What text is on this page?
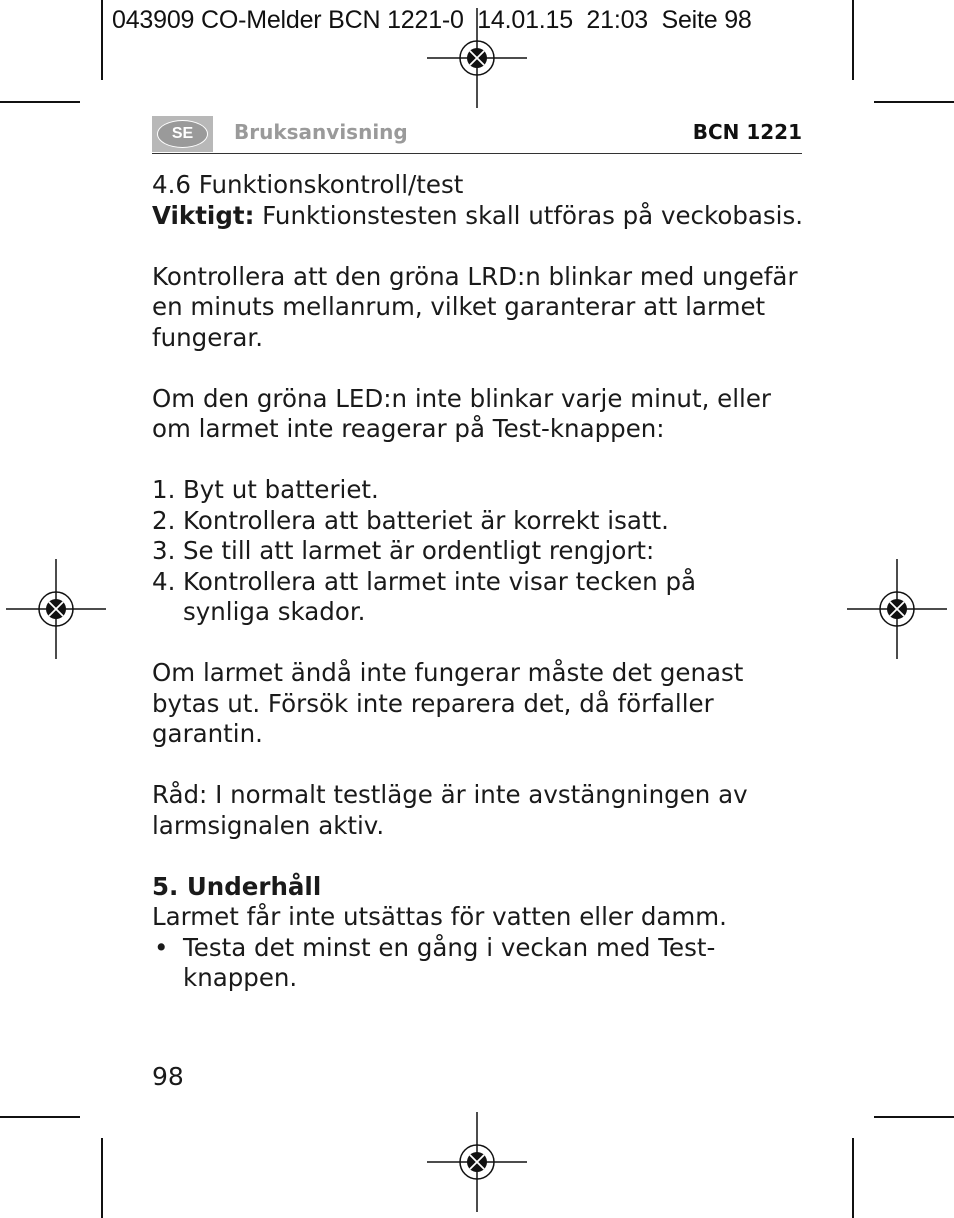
043909 CO-Melder BCN 1221-0  14.01.15  21:03  Seite 98
SE	Bruksanvisning	BCN 1221

4.6 Funktionskontroll/test

Viktigt: Funktionstesten skall utföras på veckobasis.

Kontrollera att den gröna LRD:n blinkar med ungefär en minuts mellanrum, vilket garanterar att larmet fungerar.

Om den gröna LED:n inte blinkar varje minut, eller om larmet inte reagerar på Test-knappen:

1. Byt ut batteriet.
2. Kontrollera att batteriet är korrekt isatt.
3. Se till att larmet är ordentligt rengjort:
4. Kontrollera att larmet inte visar tecken på synliga skador.

Om larmet ändå inte fungerar måste det genast bytas ut. Försök inte reparera det, då förfaller garantin.

Råd: I normalt testläge är inte avstängningen av larmsignalen aktiv.

5. Underhåll

Larmet får inte utsättas för vatten eller damm.

• Testa det minst en gång i veckan med Test-knappen.
98
